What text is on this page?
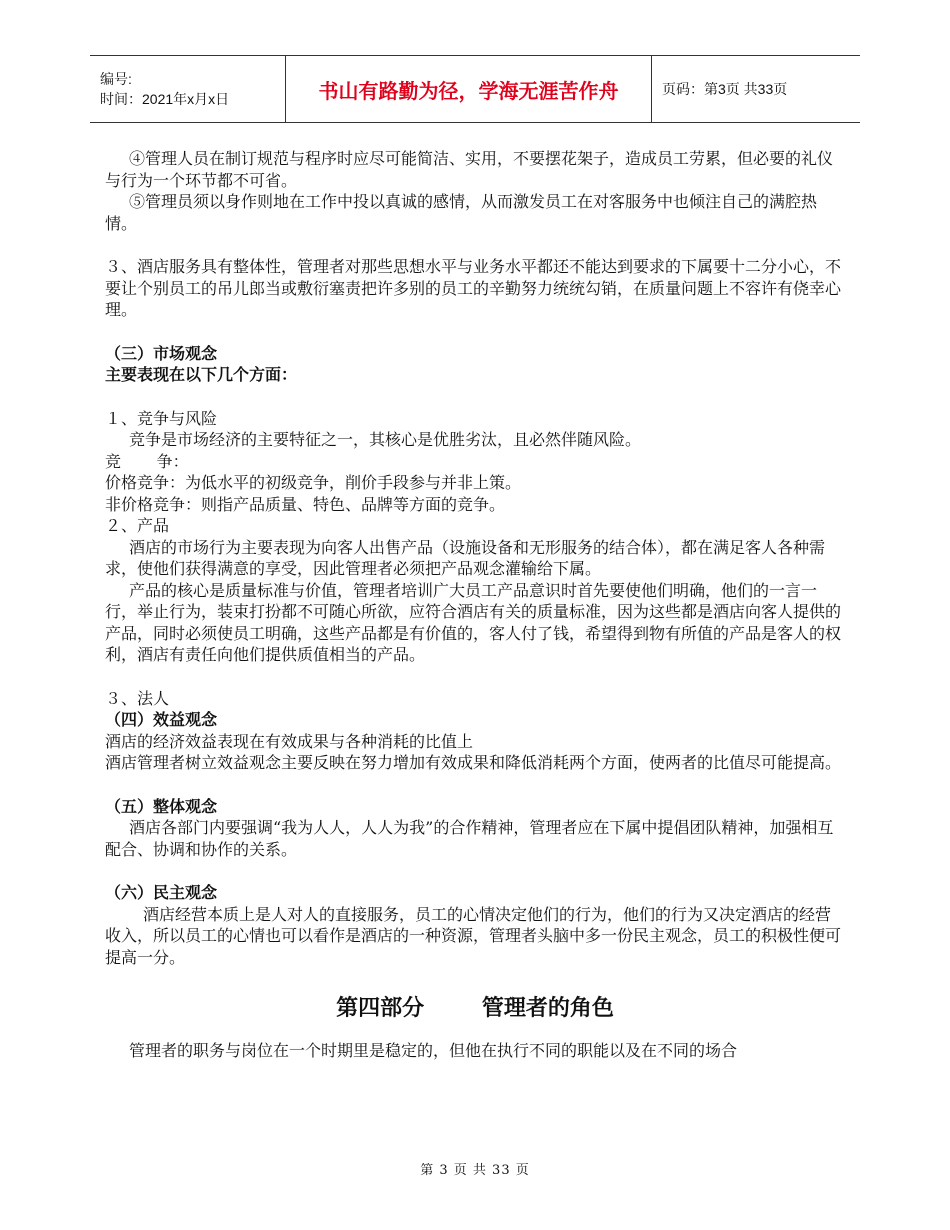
编号:
时间：2021年x月x日	书山有路勤为径，学海无涯苦作舟	页码：第3页 共33页

④管理人员在制订规范与程序时应尽可能简洁、实用，不要摆花架子，造成员工劳累，但必要的礼仪与行为一个环节都不可省。

⑤管理员须以身作则地在工作中投以真诚的感情，从而激发员工在对客服务中也倾注自己的满腔热情。

３、酒店服务具有整体性，管理者对那些思想水平与业务水平都还不能达到要求的下属要十二分小心，不要让个别员工的吊儿郎当或敷衍塞责把许多别的员工的辛勤努力统统勾销，在质量问题上不容许有侥幸心理。

（三）市场观念

主要表现在以下几个方面：

１、竞争与风险

竞争是市场经济的主要特征之一，其核心是优胜劣汰，且必然伴随风险。

竞       争：

价格竞争：为低水平的初级竞争，削价手段参与并非上策。

非价格竞争：则指产品质量、特色、品牌等方面的竞争。

２、产品

酒店的市场行为主要表现为向客人出售产品（设施设备和无形服务的结合体），都在满足客人各种需求，使他们获得满意的享受，因此管理者必须把产品观念灌输给下属。

产品的核心是质量标准与价值，管理者培训广大员工产品意识时首先要使他们明确，他们的一言一行，举止行为，装束打扮都不可随心所欲，应符合酒店有关的质量标准，因为这些都是酒店向客人提供的产品，同时必须使员工明确，这些产品都是有价值的，客人付了钱，希望得到物有所值的产品是客人的权利，酒店有责任向他们提供质值相当的产品。

３、法人

（四）效益观念

酒店的经济效益表现在有效成果与各种消耗的比值上

酒店管理者树立效益观念主要反映在努力增加有效成果和降低消耗两个方面，使两者的比值尽可能提高。

（五）整体观念

酒店各部门内要强调“我为人人，人人为我”的合作精神，管理者应在下属中提倡团队精神，加强相互配合、协调和协作的关系。

（六）民主观念

酒店经营本质上是人对人的直接服务，员工的心情决定他们的行为，他们的行为又决定酒店的经营收入，所以员工的心情也可以看作是酒店的一种资源，管理者头脑中多一份民主观念，员工的积极性便可提高一分。

第四部分	管理者的角色

管理者的职务与岗位在一个时期里是稳定的，但他在执行不同的职能以及在不同的场合

第 3 页 共 33 页
